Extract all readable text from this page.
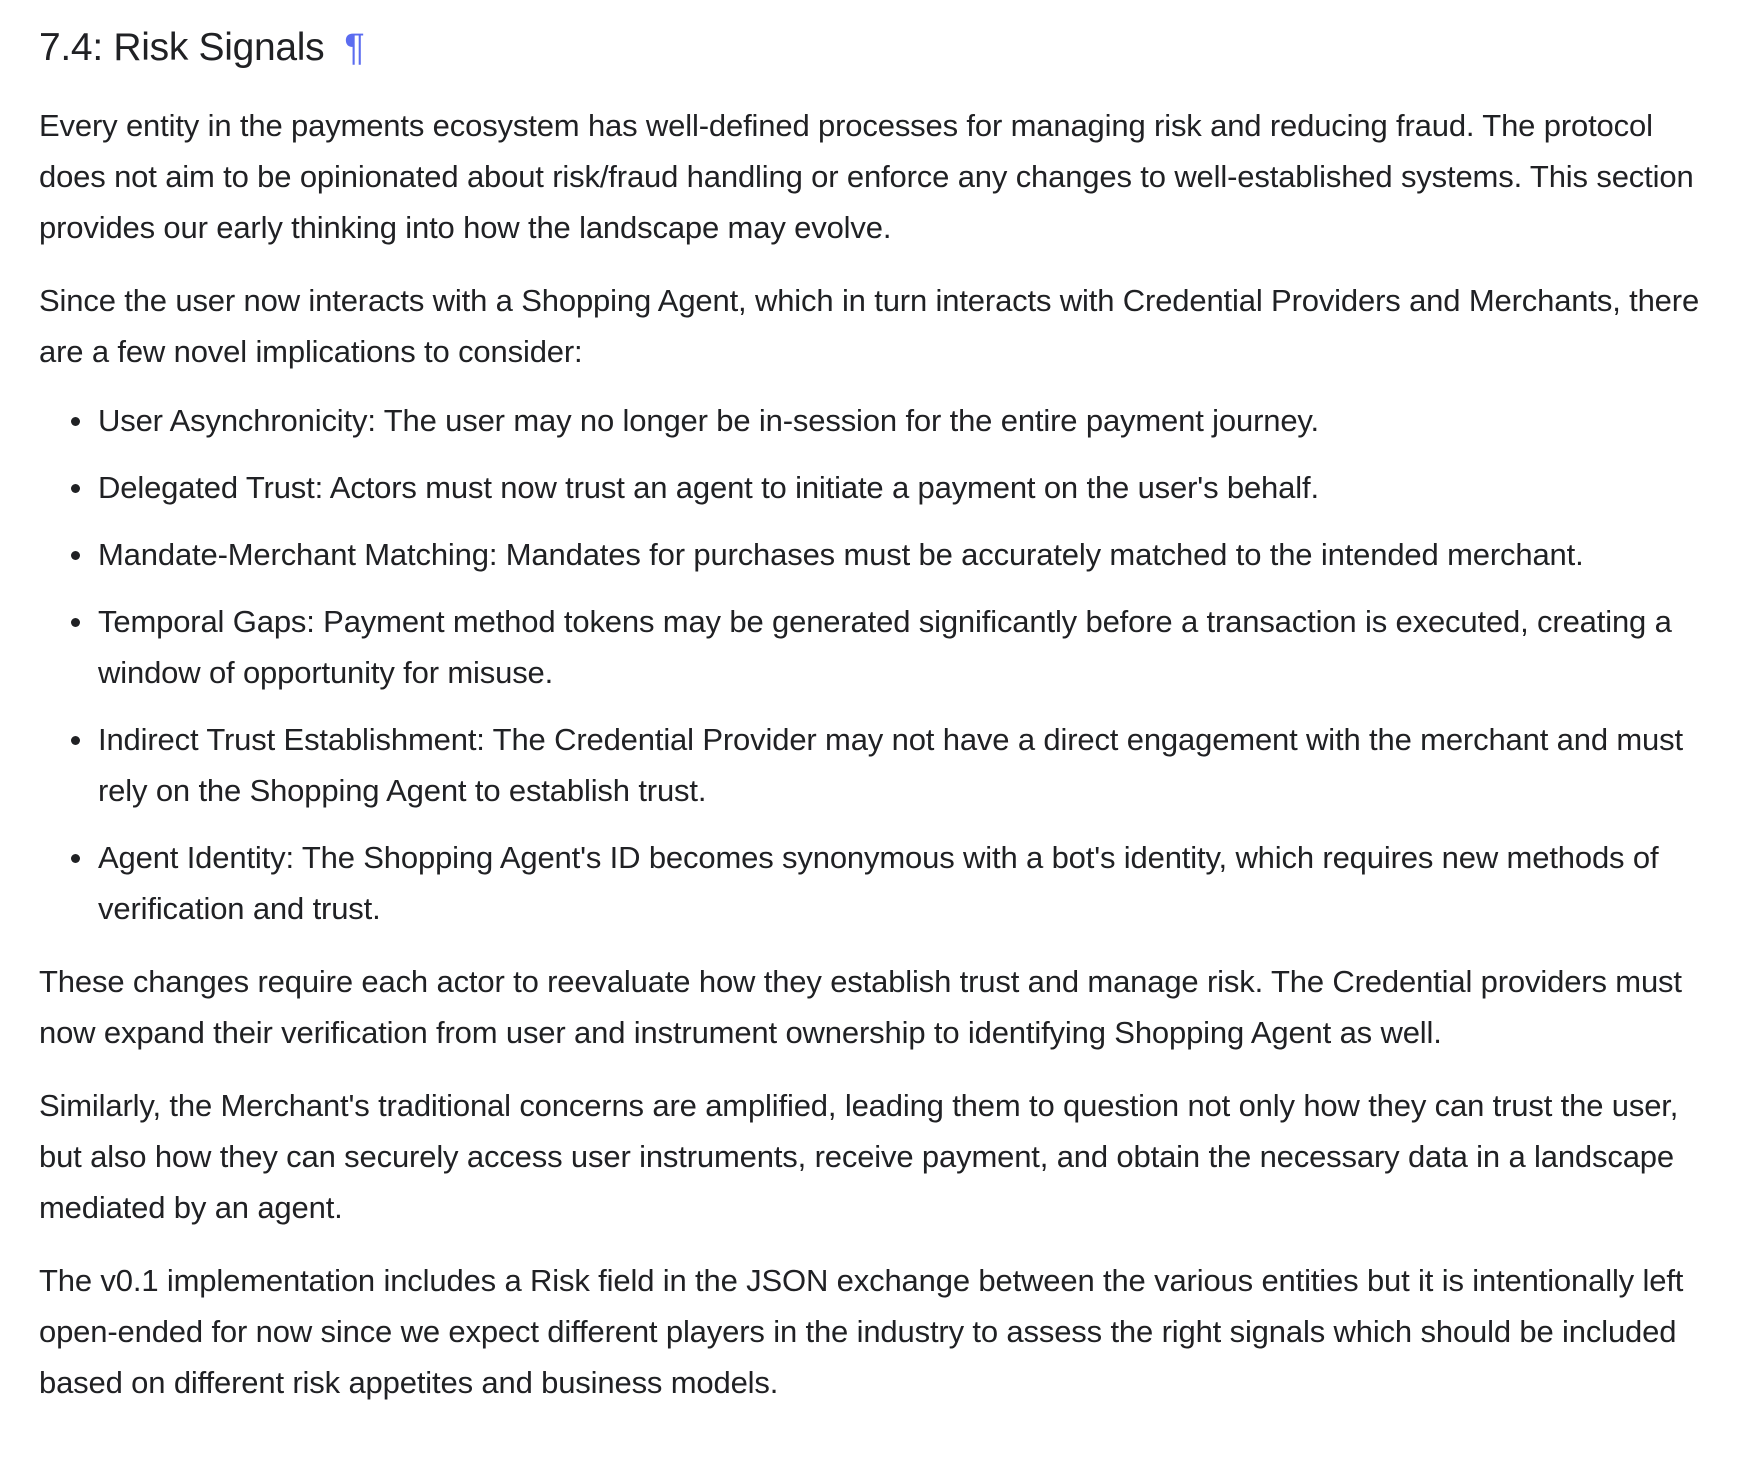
7.4: Risk Signals ¶

Every entity in the payments ecosystem has well-defined processes for managing risk and reducing fraud. The protocol does not aim to be opinionated about risk/fraud handling or enforce any changes to well-established systems. This section provides our early thinking into how the landscape may evolve.

Since the user now interacts with a Shopping Agent, which in turn interacts with Credential Providers and Merchants, there are a few novel implications to consider:

User Asynchronicity: The user may no longer be in-session for the entire payment journey.
Delegated Trust: Actors must now trust an agent to initiate a payment on the user's behalf.
Mandate-Merchant Matching: Mandates for purchases must be accurately matched to the intended merchant.
Temporal Gaps: Payment method tokens may be generated significantly before a transaction is executed, creating a window of opportunity for misuse.
Indirect Trust Establishment: The Credential Provider may not have a direct engagement with the merchant and must rely on the Shopping Agent to establish trust.
Agent Identity: The Shopping Agent's ID becomes synonymous with a bot's identity, which requires new methods of verification and trust.

These changes require each actor to reevaluate how they establish trust and manage risk. The Credential providers must now expand their verification from user and instrument ownership to identifying Shopping Agent as well.

Similarly, the Merchant's traditional concerns are amplified, leading them to question not only how they can trust the user, but also how they can securely access user instruments, receive payment, and obtain the necessary data in a landscape mediated by an agent.

The v0.1 implementation includes a Risk field in the JSON exchange between the various entities but it is intentionally left open-ended for now since we expect different players in the industry to assess the right signals which should be included based on different risk appetites and business models.
